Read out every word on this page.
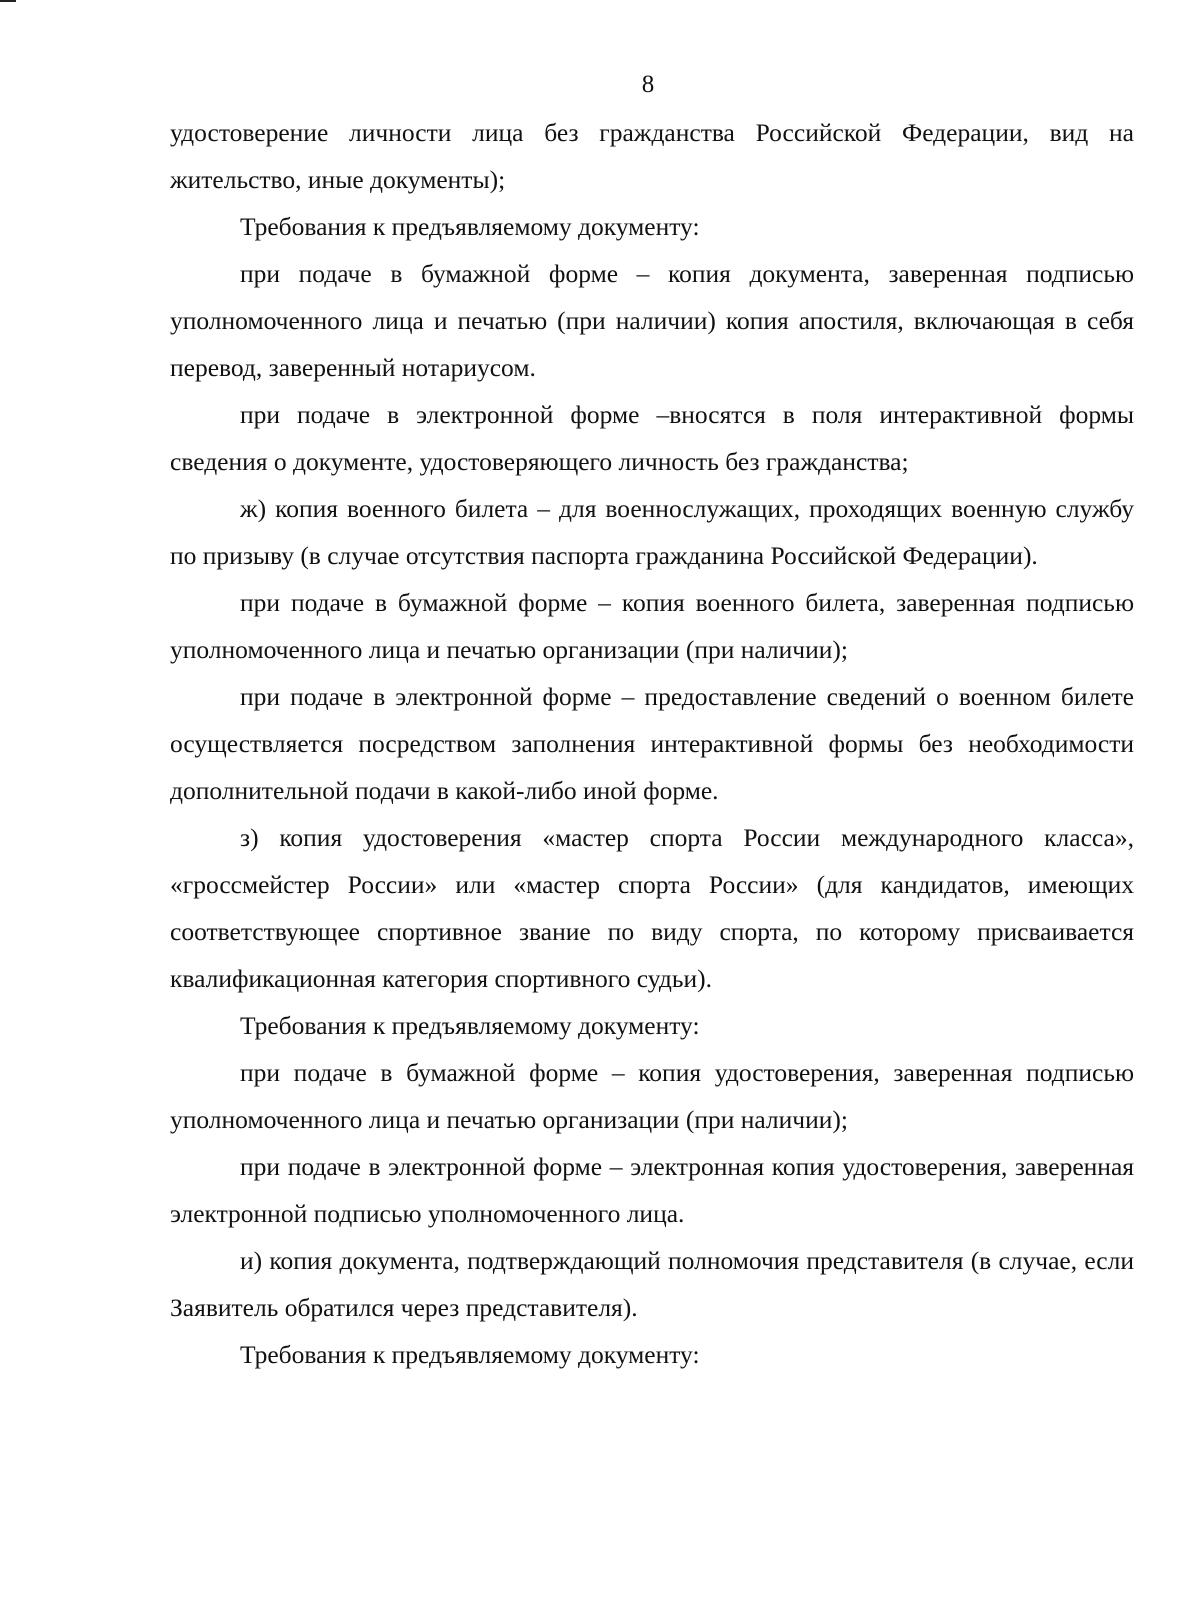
8

удостоверение личности лица без гражданства Российской Федерации, вид на жительство, иные документы);

Требования к предъявляемому документу:

при подаче в бумажной форме – копия документа, заверенная подписью уполномоченного лица и печатью (при наличии) копия апостиля, включающая в себя перевод, заверенный нотариусом.

при подаче в электронной форме –вносятся в поля интерактивной формы сведения о документе, удостоверяющего личность без гражданства;

ж) копия военного билета – для военнослужащих, проходящих военную службу по призыву (в случае отсутствия паспорта гражданина Российской Федерации).

при подаче в бумажной форме – копия военного билета, заверенная подписью уполномоченного лица и печатью организации (при наличии);

при подаче в электронной форме – предоставление сведений о военном билете осуществляется посредством заполнения интерактивной формы без необходимости дополнительной подачи в какой-либо иной форме.

з) копия удостоверения «мастер спорта России международного класса», «гроссмейстер России» или «мастер спорта России» (для кандидатов, имеющих соответствующее спортивное звание по виду спорта, по которому присваивается квалификационная категория спортивного судьи).

Требования к предъявляемому документу:

при подаче в бумажной форме – копия удостоверения, заверенная подписью уполномоченного лица и печатью организации (при наличии);

при подаче в электронной форме – электронная копия удостоверения, заверенная электронной подписью уполномоченного лица.

и) копия документа, подтверждающий полномочия представителя (в случае, если Заявитель обратился через представителя).

Требования к предъявляемому документу:
